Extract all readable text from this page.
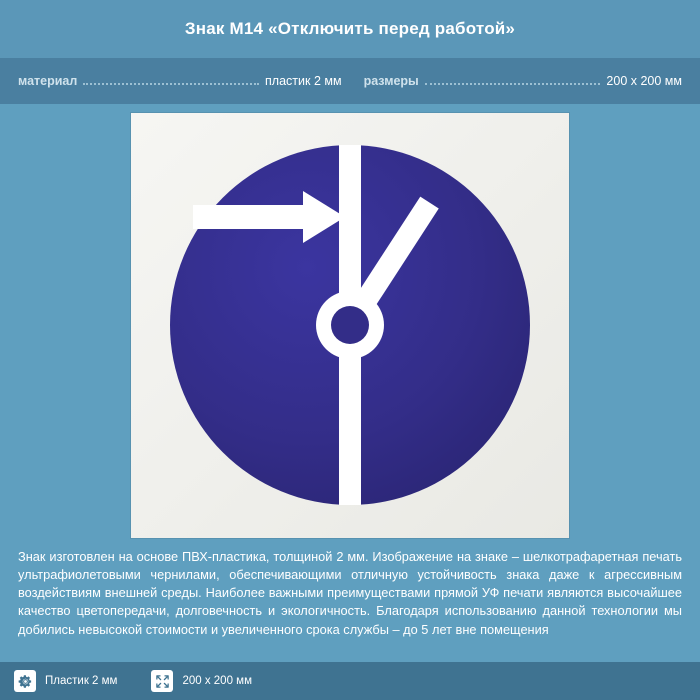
Знак M14 «Отключить перед работой»
материал	пластик 2 мм размеры	200 x 200 мм
Знак изготовлен на основе ПВХ-пластика, толщиной 2 мм. Изображение на знаке – шелкотрафаретная печать ультрафиолетовыми чернилами, обеспечивающими отличную устойчивость знака даже к агрессивным воздействиям внешней среды. Наиболее важными преимуществами прямой УФ печати являются высочайшее качество цветопередачи, долговечность и экологичность. Благодаря использованию данной технологии мы добились невысокой стоимости и увеличенного срока службы – до 5 лет вне помещения
Пластик 2 мм	200 x 200 мм
